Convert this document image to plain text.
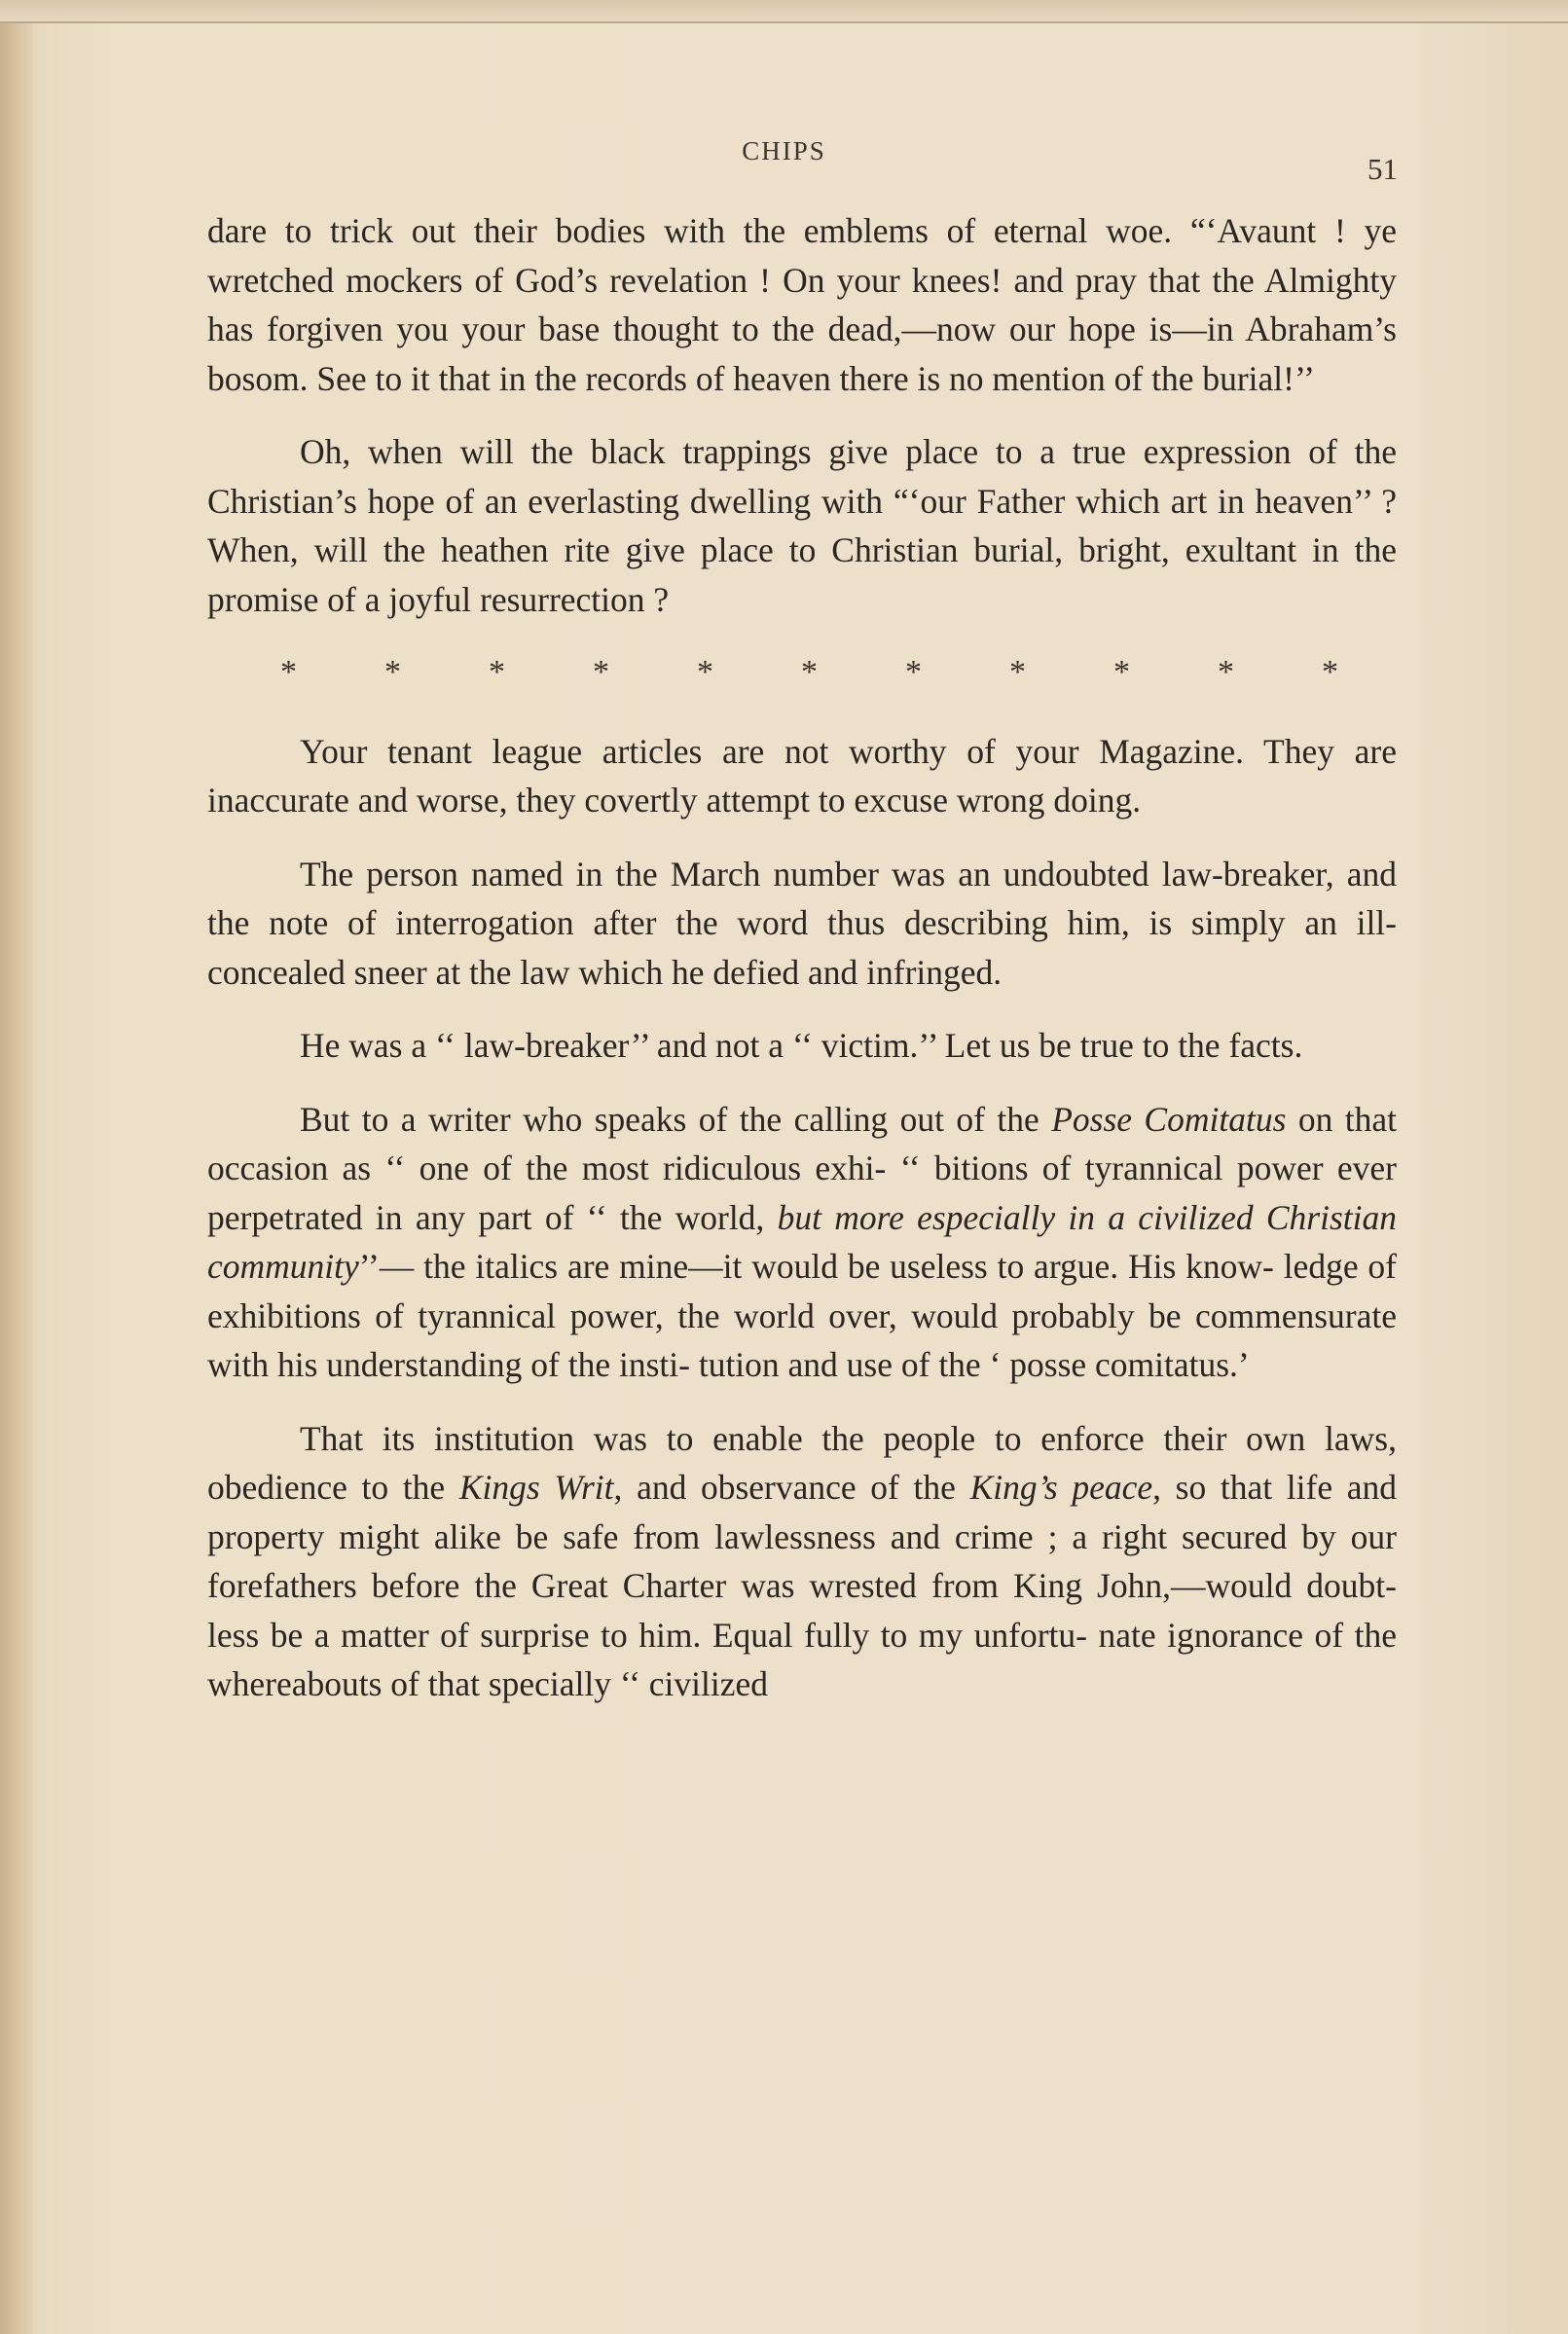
CHIPS
51

dare to trick out their bodies with the emblems of eternal woe. “‘Avaunt ! ye wretched mockers of God’s revelation ! On your knees! and pray that the Almighty has forgiven you your base thought to the dead,—now our hope is—in Abraham’s bosom. See to it that in the records of heaven there is no mention of the burial!’’

Oh, when will the black trappings give place to a true expression of the Christian’s hope of an everlasting dwelling with “‘our Father which art in heaven’’ ? When, will the heathen rite give place to Christian burial, bright, exultant in the promise of a joyful resurrection ?

*	*	*	*	*	*	*	*	*	*	*

Your tenant league articles are not worthy of your Magazine. They are inaccurate and worse, they covertly attempt to excuse wrong doing.

The person named in the March number was an undoubted law-breaker, and the note of interrogation after the word thus describing him, is simply an ill-concealed sneer at the law which he defied and infringed.

He was a ‘‘ law-breaker’’ and not a ‘‘ victim.’’ Let us be true to the facts.

But to a writer who speaks of the calling out of the Posse Comitatus on that occasion as ‘‘ one of the most ridiculous exhi- ‘‘ bitions of tyrannical power ever perpetrated in any part of ‘‘ the world, but more especially in a civilized Christian community’’— the italics are mine—it would be useless to argue. His know- ledge of exhibitions of tyrannical power, the world over, would probably be commensurate with his understanding of the insti- tution and use of the ‘ posse comitatus.’

That its institution was to enable the people to enforce their own laws, obedience to the Kings Writ, and observance of the King’s peace, so that life and property might alike be safe from lawlessness and crime ; a right secured by our forefathers before the Great Charter was wrested from King John,—would doubt- less be a matter of surprise to him. Equal fully to my unfortu- nate ignorance of the whereabouts of that specially ‘‘ civilized
